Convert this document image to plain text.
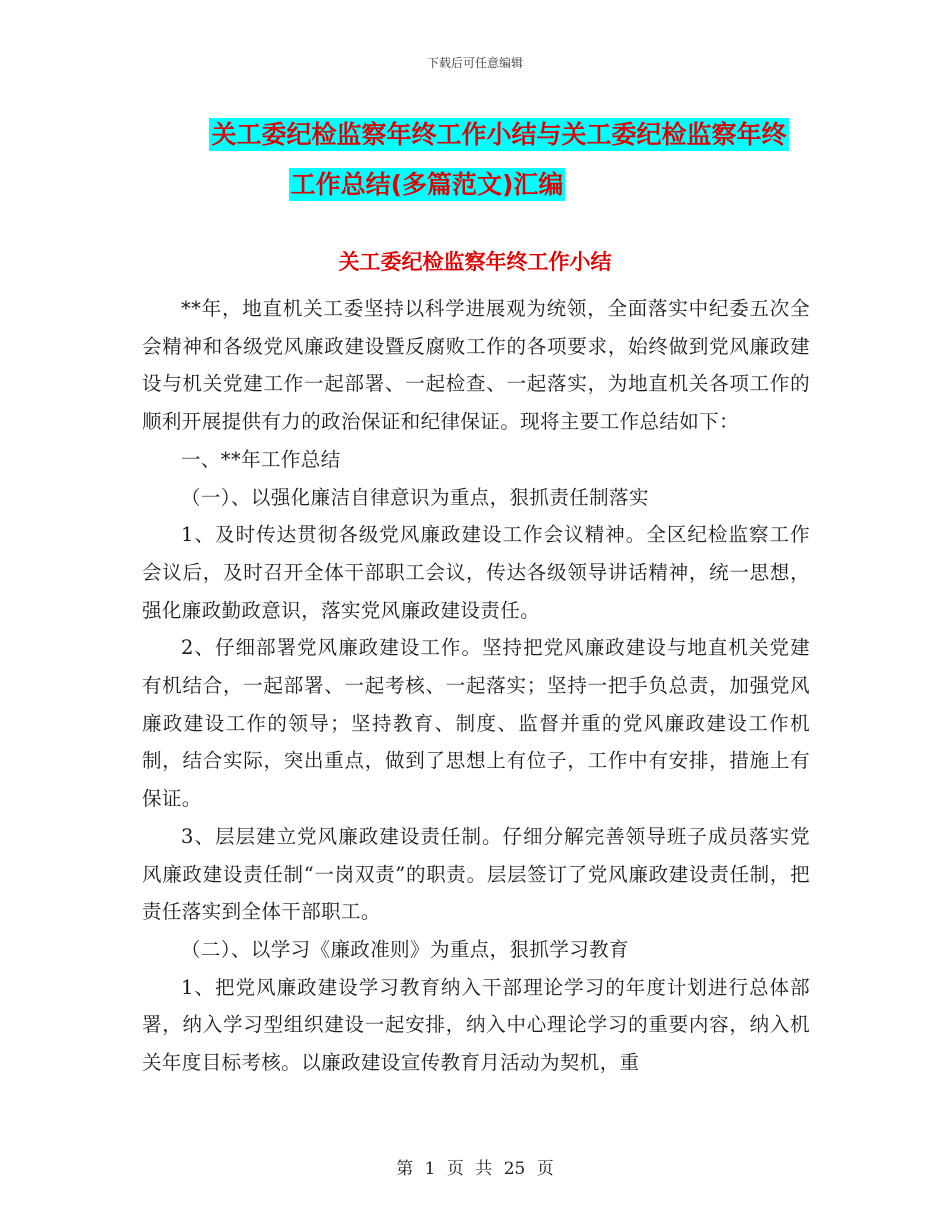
下载后可任意编辑
关工委纪检监察年终工作小结与关工委纪检监察年终
工作总结(多篇范文)汇编
关工委纪检监察年终工作小结

**年，地直机关工委坚持以科学进展观为统领，全面落实中纪委五次全会精神和各级党风廉政建设暨反腐败工作的各项要求，始终做到党风廉政建设与机关党建工作一起部署、一起检查、一起落实，为地直机关各项工作的顺利开展提供有力的政治保证和纪律保证。现将主要工作总结如下：

一、**年工作总结

（一）、以强化廉洁自律意识为重点，狠抓责任制落实

1、及时传达贯彻各级党风廉政建设工作会议精神。全区纪检监察工作会议后，及时召开全体干部职工会议，传达各级领导讲话精神，统一思想，强化廉政勤政意识，落实党风廉政建设责任。

2、仔细部署党风廉政建设工作。坚持把党风廉政建设与地直机关党建有机结合，一起部署、一起考核、一起落实；坚持一把手负总责，加强党风廉政建设工作的领导；坚持教育、制度、监督并重的党风廉政建设工作机制，结合实际，突出重点，做到了思想上有位子，工作中有安排，措施上有保证。

3、层层建立党风廉政建设责任制。仔细分解完善领导班子成员落实党风廉政建设责任制“一岗双责”的职责。层层签订了党风廉政建设责任制，把责任落实到全体干部职工。

（二）、以学习《廉政准则》为重点，狠抓学习教育

1、把党风廉政建设学习教育纳入干部理论学习的年度计划进行总体部署，纳入学习型组织建设一起安排，纳入中心理论学习的重要内容，纳入机关年度目标考核。以廉政建设宣传教育月活动为契机，重

第 1 页 共 25 页
